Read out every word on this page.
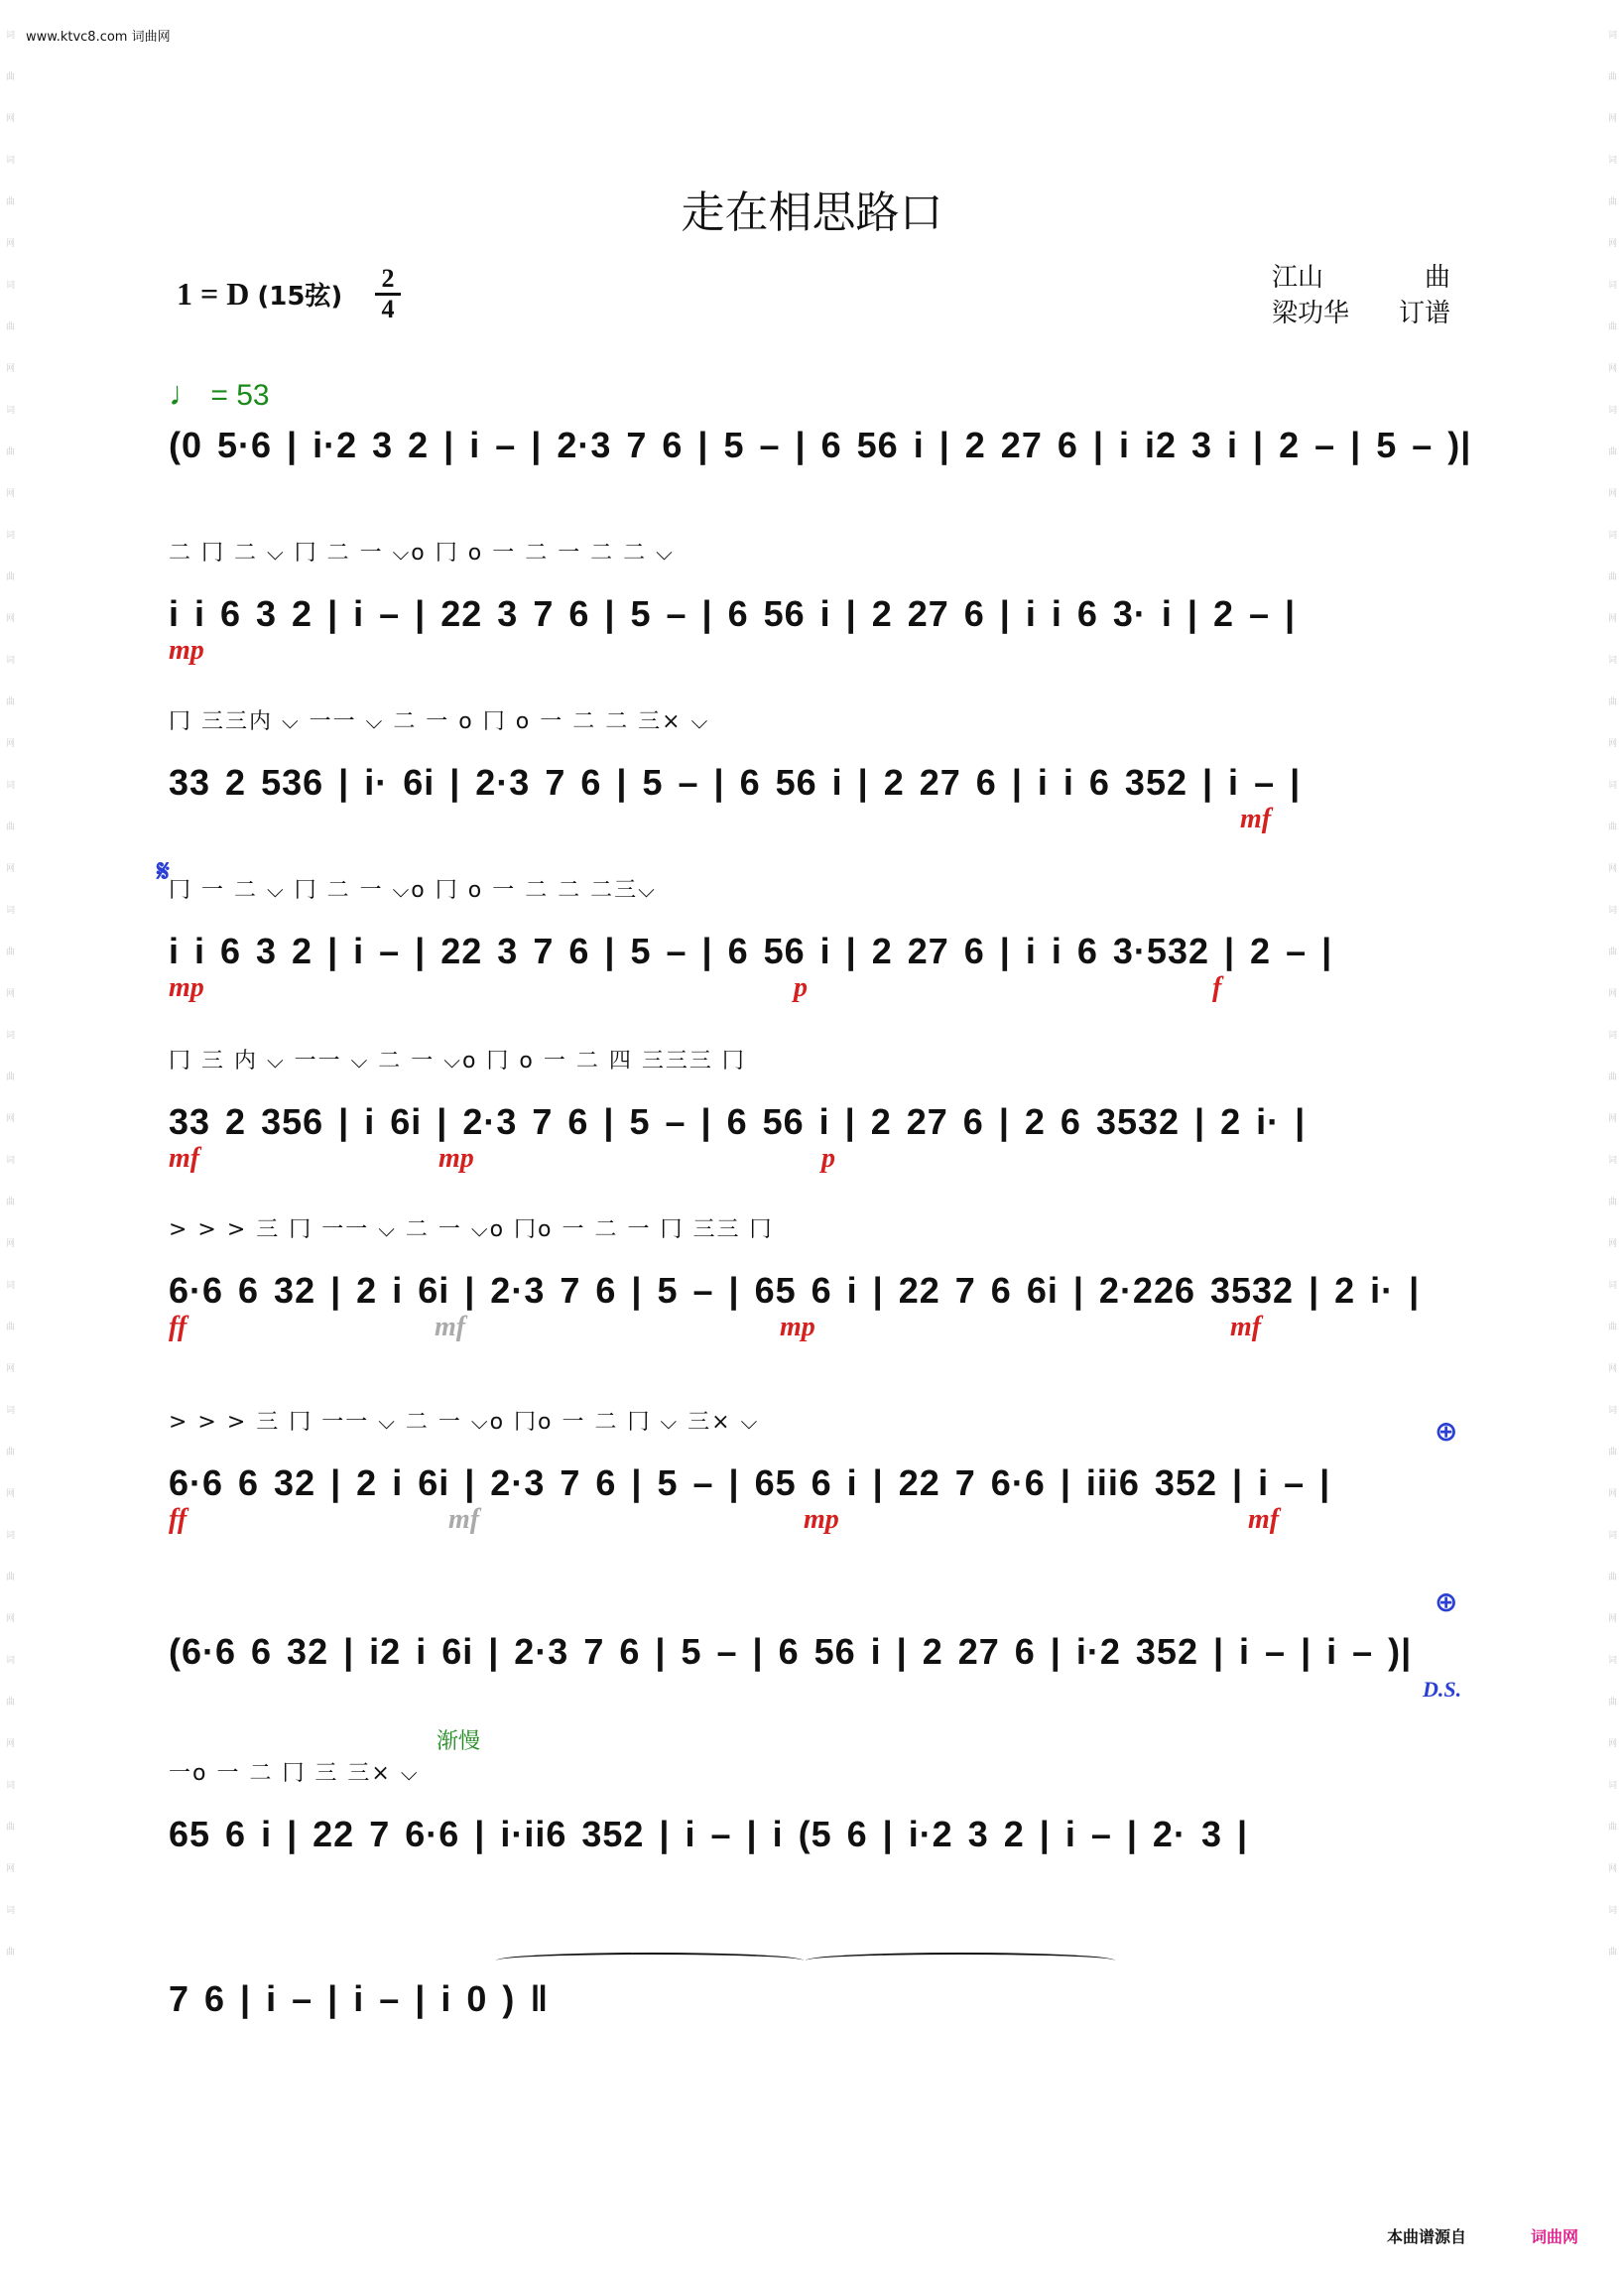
www.ktvc8.com 词曲网
词
曲
网
词
曲
网
词
曲
网
词
曲
网
词
曲
网
词
曲
网
词
曲
网
词
曲
网
词
曲
网
词
曲
网
词
曲
网
词
曲
网
词
曲
网
词
曲
网
词
曲
网
词
曲
词
曲
网
词
曲
网
词
曲
网
词
曲
网
词
曲
网
词
曲
网
词
曲
网
词
曲
网
词
曲
网
词
曲
网
词
曲
网
词
曲
网
词
曲
网
词
曲
网
词
曲
网
词
曲
走在相思路口
1 = D (15弦)
2
4
江山	曲
梁功华 订谱
♩ = 53
(0 5·6 | i·2 3 2 | i – | 2·3 7 6 | 5 – | 6 56 i | 2 27 6 | i i2 3 i | 2 – | 5 – )|
⼆ ⼌ ⼆ ⌵ ⼌ ⼆ ⼀ ⌵o ⼌ o ⼀ ⼆ ⼀ ⼆ ⼆ ⌵
i i 6 3 2 | i – | 22 3 7 6 | 5 – | 6 56 i | 2 27 6 | i i 6 3· i | 2 – |
mp
⼌ 三三内 ⌵ ⼀⼀ ⌵ ⼆ ⼀ o ⼌ o ⼀ ⼆ ⼆ 三× ⌵
33 2 536 | i· 6i | 2·3 7 6 | 5 – | 6 56 i | 2 27 6 | i i 6 352 | i – |
mf
𝄋
⼌ ⼀ ⼆ ⌵ ⼌ ⼆ ⼀ ⌵o ⼌ o ⼀ ⼆ ⼆ ⼆三⌵
i i 6 3 2 | i – | 22 3 7 6 | 5 – | 6 56 i | 2 27 6 | i i 6 3·532 | 2 – |
mp	p	f
⼌ 三 内 ⌵ ⼀⼀ ⌵ ⼆ ⼀ ⌵o ⼌ o ⼀ ⼆ 四 三三三 ⼌
33 2 356 | i 6i | 2·3 7 6 | 5 – | 6 56 i | 2 27 6 | 2 6 3532 | 2 i· |
mf	mp	p
> > > 三 ⼌ ⼀⼀ ⌵ ⼆ ⼀ ⌵o ⼌o ⼀ ⼆ ⼀ ⼌ 三三 ⼌
6·6 6 32 | 2 i 6i | 2·3 7 6 | 5 – | 65 6 i | 22 7 6 6i | 2·226 3532 | 2 i· |
ff	mf	mp	mf
> > > 三 ⼌ ⼀⼀ ⌵ ⼆ ⼀ ⌵o ⼌o ⼀ ⼆ ⼌ ⌵ 三× ⌵
6·6 6 32 | 2 i 6i | 2·3 7 6 | 5 – | 65 6 i | 22 7 6·6 | iii6 352 | i – |
ff	mf	mp	mf
⊕
(6·6 6 32 | i2 i 6i | 2·3 7 6 | 5 – | 6 56 i | 2 27 6 | i·2 352 | i – | i – )|
⊕
D.S.
渐慢
⼀o ⼀ ⼆ ⼌ 三 三× ⌵
65 6 i | 22 7 6·6 | i·ii6 352 | i – | i (5 6 | i·2 3 2 | i – | 2· 3 |
7 6 | i – | i – | i 0 ) ‖
本曲谱源自	词曲网
